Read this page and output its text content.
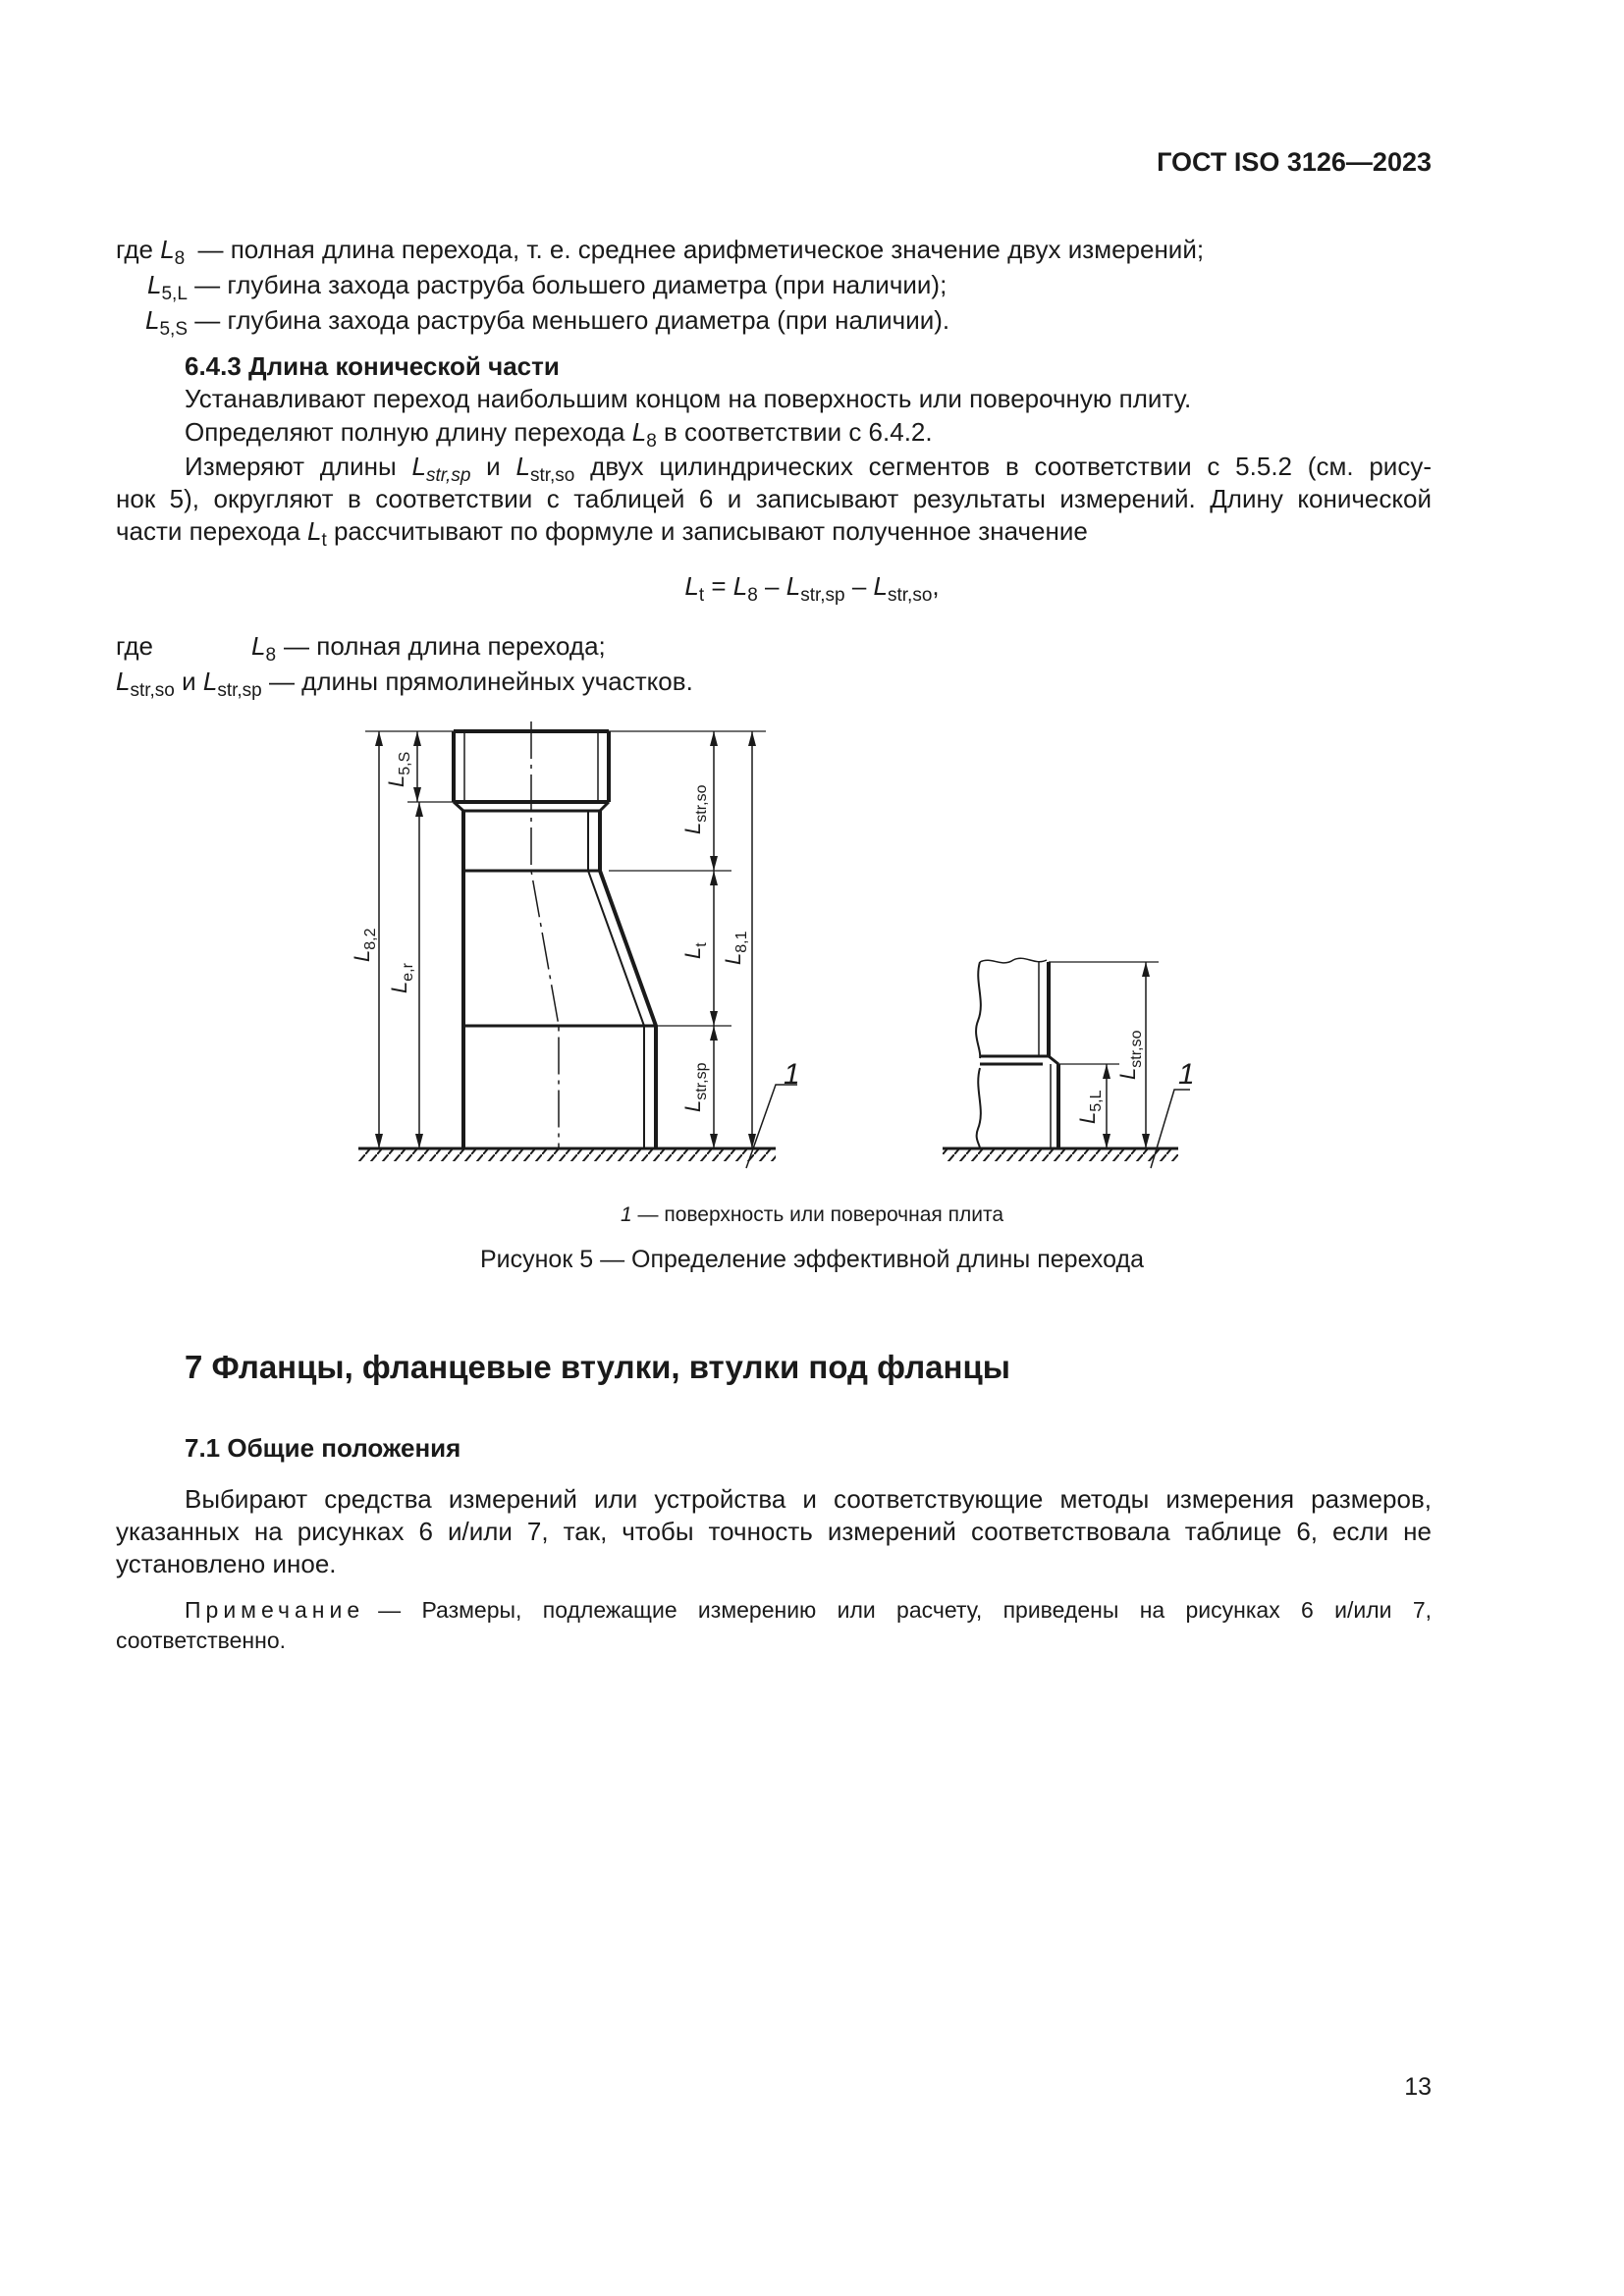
ГОСТ ISO 3126—2023
где $L_8$ — полная длина перехода, т. е. среднее арифметическое значение двух измерений;
$L_{5,L}$ — глубина захода раструба большего диаметра (при наличии);
$L_{5,S}$ — глубина захода раструба меньшего диаметра (при наличии).
6.4.3 Длина конической части
Устанавливают переход наибольшим концом на поверхность или поверочную плиту.
Определяют полную длину перехода $L_8$ в соответствии с 6.4.2.
Измеряют длины $L_{str,sp}$ и $L_{str,so}$ двух цилиндрических сегментов в соответствии с 5.5.2 (см. рису-
нок 5), округляют в соответствии с таблицей 6 и записывают результаты измерений. Длину конической
части перехода $L_t$ рассчитывают по формуле и записывают полученное значение
$L_t = L_8 - L_{str,sp} - L_{str,so}$,
где	$L_8$ — полная длина перехода;
$L_{str,so}$ и $L_{str,sp}$ — длины прямолинейных участков.
$L_{5,S}$
$L_{8,2}$
$L_{e,r}$
$L_{str,so}$
$L_t$
$L_{8,1}$
$L_{str,sp}$	1	$L_{str,so}$
$L_{5,L}$
1
1 — поверхность или поверочная плита
Рисунок 5 — Определение эффективной длины перехода
7 Фланцы, фланцевые втулки, втулки под фланцы
7.1 Общие положения
Выбирают средства измерений или устройства и соответствующие методы измерения размеров,
указанных на рисунках 6 и/или 7, так, чтобы точность измерений соответствовала таблице 6, если не
установлено иное.
Примечание — Размеры, подлежащие измерению или расчету, приведены на рисунках 6 и/или 7,
соответственно.
13
